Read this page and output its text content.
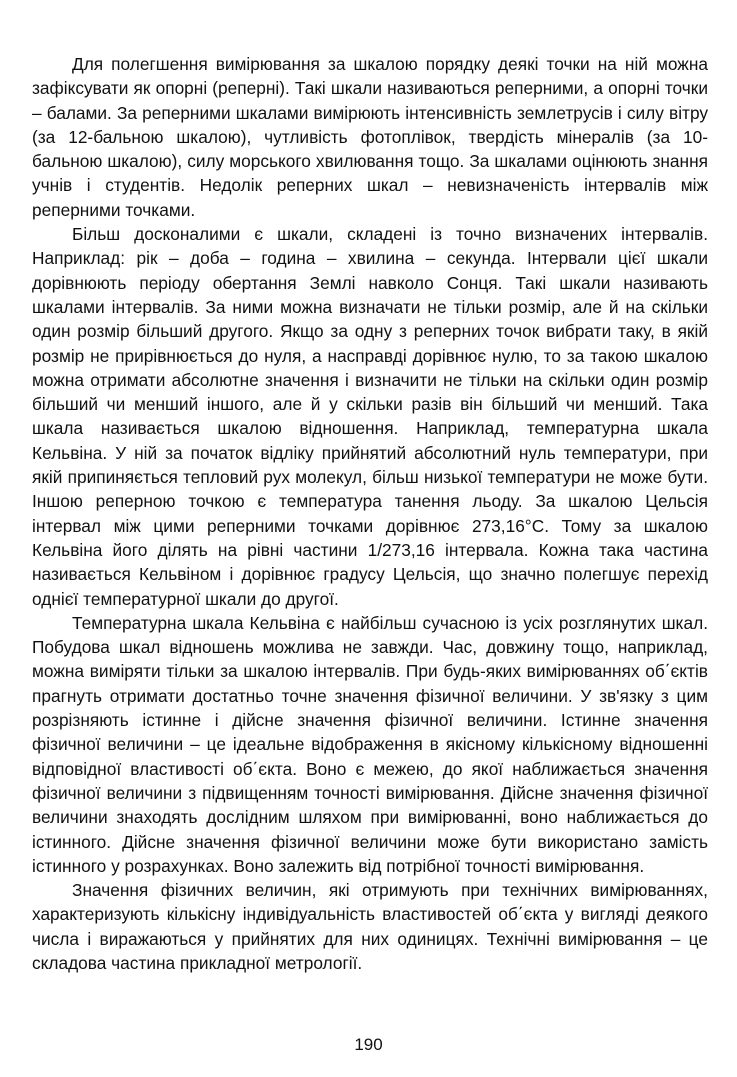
Для полегшення вимірювання за шкалою порядку деякі точки на ній можна зафіксувати як опорні (реперні). Такі шкали називаються реперними, а опорні точки – балами. За реперними шкалами вимірюють інтенсивність землетрусів і силу вітру (за 12-бальною шкалою), чутливість фотоплівок, твердість мінералів (за 10-бальною шкалою), силу морського хвилювання тощо. За шкалами оцінюють знання учнів і студентів. Недолік реперних шкал – невизначеність інтервалів між реперними точками.

Більш досконалими є шкали, складені із точно визначених інтервалів. Наприклад: рік – доба – година – хвилина – секунда. Інтервали цієї шкали дорівнюють періоду обертання Землі навколо Сонця. Такі шкали називають шкалами інтервалів. За ними можна визначати не тільки розмір, але й на скільки один розмір більший другого. Якщо за одну з реперних точок вибрати таку, в якій розмір не прирівнюється до нуля, а насправді дорівнює нулю, то за такою шкалою можна отримати абсолютне значення і визначити не тільки на скільки один розмір більший чи менший іншого, але й у скільки разів він більший чи менший. Така шкала називається шкалою відношення. Наприклад, температурна шкала Кельвіна. У ній за початок відліку прийнятий абсолютний нуль температури, при якій припиняється тепловий рух молекул, більш низької температури не може бути. Іншою реперною точкою є температура танення льоду. За шкалою Цельсія інтервал між цими реперними точками дорівнює 273,16°С. Тому за шкалою Кельвіна його ділять на рівні частини 1/273,16 інтервала. Кожна така частина називається Кельвіном і дорівнює градусу Цельсія, що значно полегшує перехід однієї температурної шкали до другої.

Температурна шкала Кельвіна є найбільш сучасною із усіх розглянутих шкал. Побудова шкал відношень можлива не завжди. Час, довжину тощо, наприклад, можна виміряти тільки за шкалою інтервалів. При будь-яких вимірюваннях об΄єктів прагнуть отримати достатньо точне значення фізичної величини. У зв'язку з цим розрізняють істинне і дійсне значення фізичної величини. Істинне значення фізичної величини – це ідеальне відображення в якісному кількісному відношенні відповідної властивості об΄єкта. Воно є межею, до якої наближається значення фізичної величини з підвищенням точності вимірювання. Дійсне значення фізичної величини знаходять дослідним шляхом при вимірюванні, воно наближається до істинного. Дійсне значення фізичної величини може бути використано замість істинного у розрахунках. Воно залежить від потрібної точності вимірювання.

Значення фізичних величин, які отримують при технічних вимірюваннях, характеризують кількісну індивідуальність властивостей об΄єкта у вигляді деякого числа і виражаються у прийнятих для них одиницях. Технічні вимірювання – це складова частина прикладної метрології.

190
